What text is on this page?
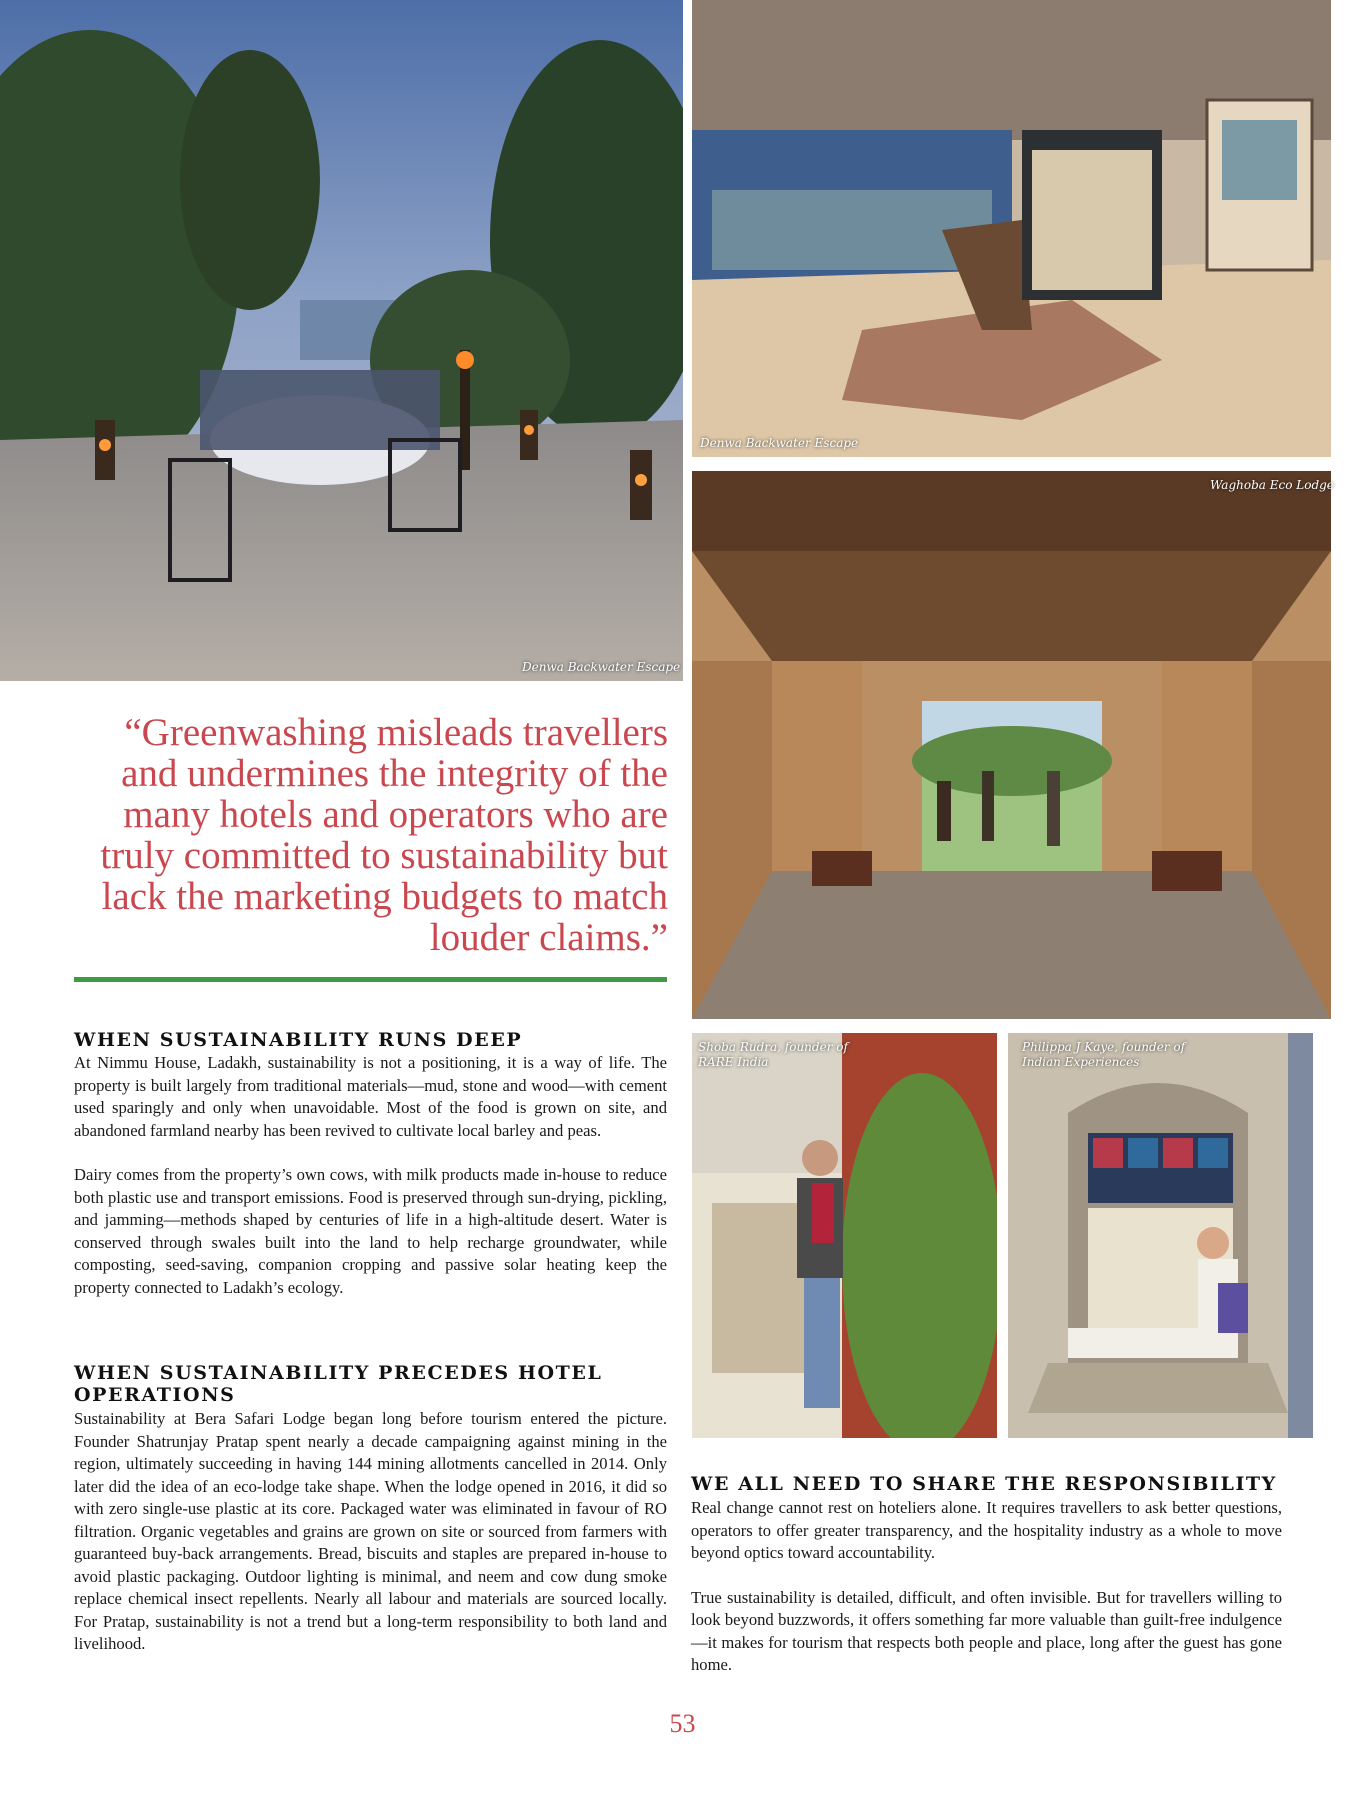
Denwa Backwater Escape
Denwa Backwater Escape
Waghoba Eco Lodge
Shoba Rudra, founder of
RARE India
Philippa J Kaye, founder of
Indian Experiences
“Greenwashing misleads travellers and undermines the integrity of the many hotels and operators who are truly committed to sustainability but lack the marketing budgets to match louder claims.”
WHEN SUSTAINABILITY RUNS DEEP

At Nimmu House, Ladakh, sustainability is not a positioning, it is a way of life. The property is built largely from traditional materials—mud, stone and wood—with cement used sparingly and only when unavoidable. Most of the food is grown on site, and abandoned farmland nearby has been revived to cultivate local barley and peas.

Dairy comes from the property’s own cows, with milk products made in-house to reduce both plastic use and transport emissions. Food is preserved through sun-drying, pickling, and jamming—methods shaped by centuries of life in a high-altitude desert. Water is conserved through swales built into the land to help recharge groundwater, while composting, seed-saving, companion cropping and passive solar heating keep the property connected to Ladakh’s ecology.

WHEN SUSTAINABILITY PRECEDES HOTEL OPERATIONS

Sustainability at Bera Safari Lodge began long before tourism entered the picture. Founder Shatrunjay Pratap spent nearly a decade campaigning against mining in the region, ultimately succeeding in having 144 mining allotments cancelled in 2014. Only later did the idea of an eco-lodge take shape. When the lodge opened in 2016, it did so with zero single-use plastic at its core. Packaged water was eliminated in favour of RO filtration. Organic vegetables and grains are grown on site or sourced from farmers with guaranteed buy-back arrangements. Bread, biscuits and staples are prepared in-house to avoid plastic packaging. Outdoor lighting is minimal, and neem and cow dung smoke replace chemical insect repellents. Nearly all labour and materials are sourced locally. For Pratap, sustainability is not a trend but a long-term responsibility to both land and livelihood.

WE ALL NEED TO SHARE THE RESPONSIBILITY

Real change cannot rest on hoteliers alone. It requires travellers to ask better questions, operators to offer greater transparency, and the hospitality industry as a whole to move beyond optics toward accountability.

True sustainability is detailed, difficult, and often invisible. But for travellers willing to look beyond buzzwords, it offers something far more valuable than guilt-free indulgence—it makes for tourism that respects both people and place, long after the guest has gone home.

53
